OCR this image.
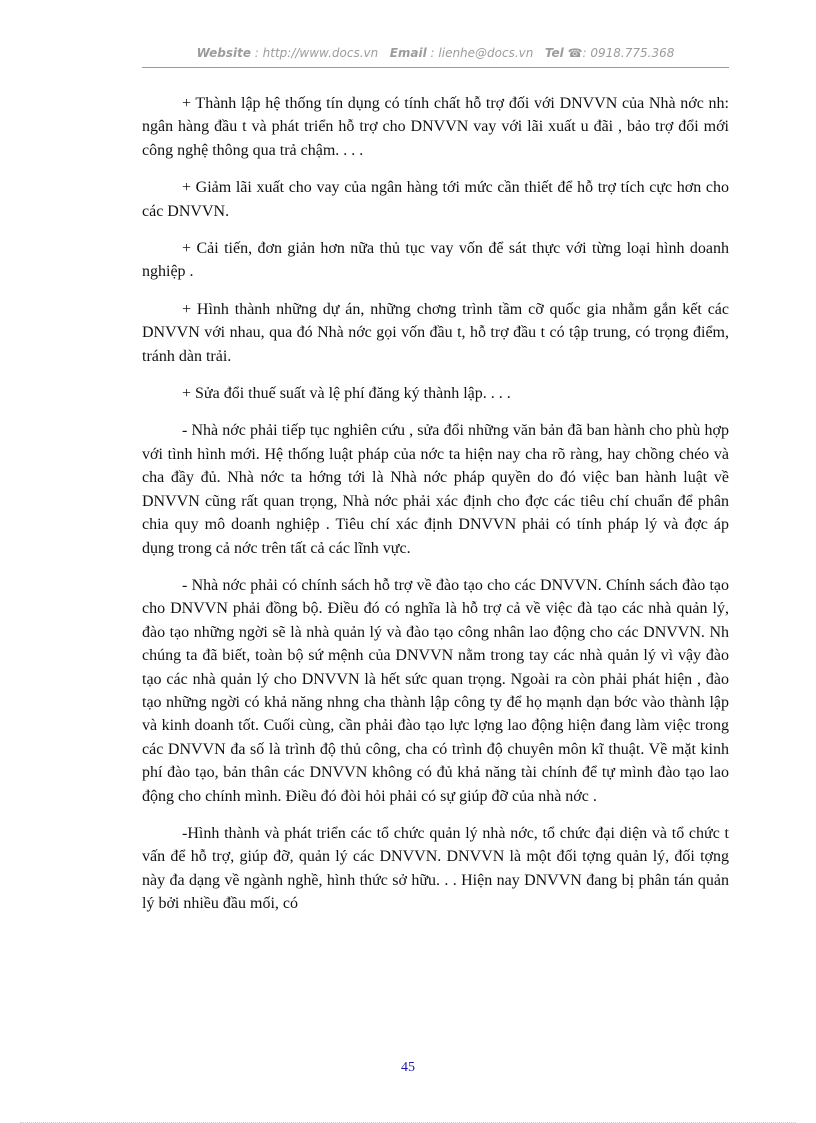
Website : http://www.docs.vn Email : lienhe@docs.vn Tel ☎: 0918.775.368

+ Thành lập hệ thống tín dụng có tính chất hỗ trợ đối với DNVVN của Nhà nớc nh: ngân hàng đầu t và phát triển hỗ trợ cho DNVVN vay với lãi xuất u đãi , bảo trợ đổi mới công nghệ thông qua trả chậm. . . .

+ Giảm lãi xuất cho vay của ngân hàng tới mức cần thiết để hỗ trợ tích cực hơn cho các DNVVN.

+ Cải tiến, đơn giản hơn nữa thủ tục vay vốn để sát thực với từng loại hình doanh nghiệp .

+ Hình thành những dự án, những chơng trình tầm cỡ quốc gia nhằm gắn kết các DNVVN với nhau, qua đó Nhà nớc gọi vốn đầu t, hỗ trợ đầu t có tập trung, có trọng điểm, tránh dàn trải.

+ Sửa đổi thuế suất và lệ phí đăng ký thành lập. . . .

- Nhà nớc phải tiếp tục nghiên cứu , sửa đổi những văn bản đã ban hành cho phù hợp với tình hình mới. Hệ thống luật pháp của nớc ta hiện nay cha rõ ràng, hay chồng chéo và cha đầy đủ. Nhà nớc ta hớng tới là Nhà nớc pháp quyền do đó việc ban hành luật về DNVVN cũng rất quan trọng, Nhà nớc phải xác định cho đợc các tiêu chí chuẩn để phân chia quy mô doanh nghiệp . Tiêu chí xác định DNVVN phải có tính pháp lý và đợc áp dụng trong cả nớc trên tất cả các lĩnh vực.

- Nhà nớc phải có chính sách hỗ trợ về đào tạo cho các DNVVN. Chính sách đào tạo cho DNVVN phải đồng bộ. Điều đó có nghĩa là hỗ trợ cả về việc đà tạo các nhà quản lý, đào tạo những ngời sẽ là nhà quản lý và đào tạo công nhân lao động cho các DNVVN. Nh chúng ta đã biết, toàn bộ sứ mệnh của DNVVN nằm trong tay các nhà quản lý vì vậy đào tạo các nhà quản lý cho DNVVN là hết sức quan trọng. Ngoài ra còn phải phát hiện , đào tạo những ngời có khả năng nhng cha thành lập công ty để họ mạnh dạn bớc vào thành lập và kinh doanh tốt. Cuối cùng, cần phải đào tạo lực lợng lao động hiện đang làm việc trong các DNVVN đa số là trình độ thủ công, cha có trình độ chuyên môn kĩ thuật. Về mặt kinh phí đào tạo, bản thân các DNVVN không có đủ khả năng tài chính để tự mình đào tạo lao động cho chính mình. Điều đó đòi hỏi phải có sự giúp đỡ của nhà nớc .

-Hình thành và phát triển các tổ chức quản lý nhà nớc, tổ chức đại diện và tổ chức t vấn để hỗ trợ, giúp đỡ, quản lý các DNVVN. DNVVN là một đối tợng quản lý, đối tợng này đa dạng về ngành nghề, hình thức sở hữu. . . Hiện nay DNVVN đang bị phân tán quản lý bởi nhiều đầu mối, có

45
